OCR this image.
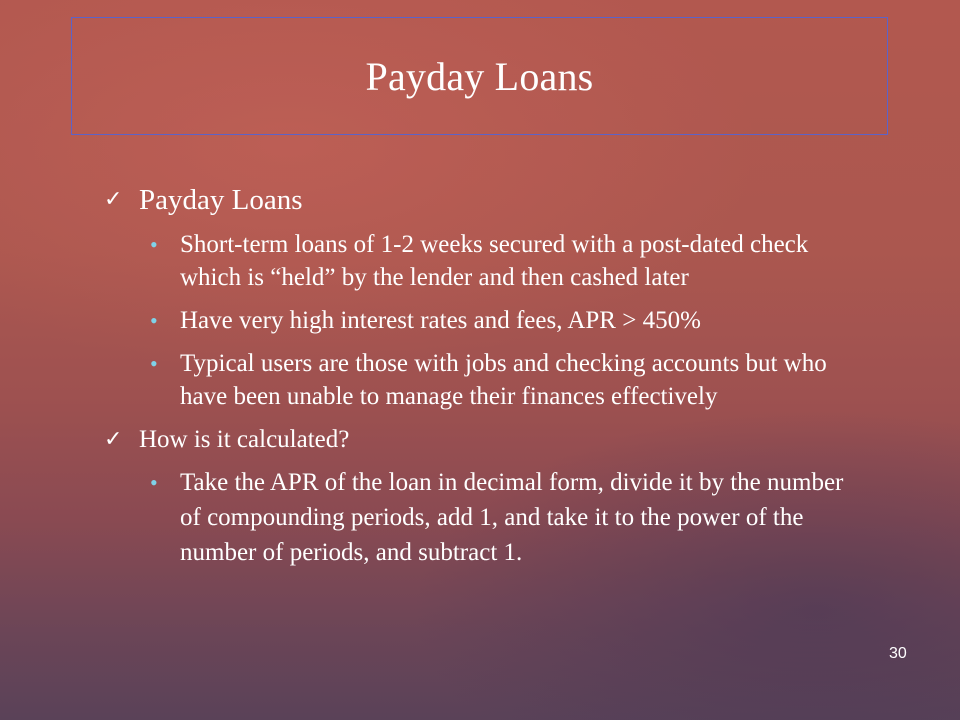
Payday Loans
✓ Payday Loans
• Short-term loans of 1-2 weeks secured with a post-dated check which is “held” by the lender and then cashed later
• Have very high interest rates and fees, APR > 450%
• Typical users are those with jobs and checking accounts but who have been unable to manage their finances effectively
✓ How is it calculated?
• Take the APR of the loan in decimal form, divide it by the number of compounding periods, add 1, and take it to the power of the number of periods, and subtract 1.
30
